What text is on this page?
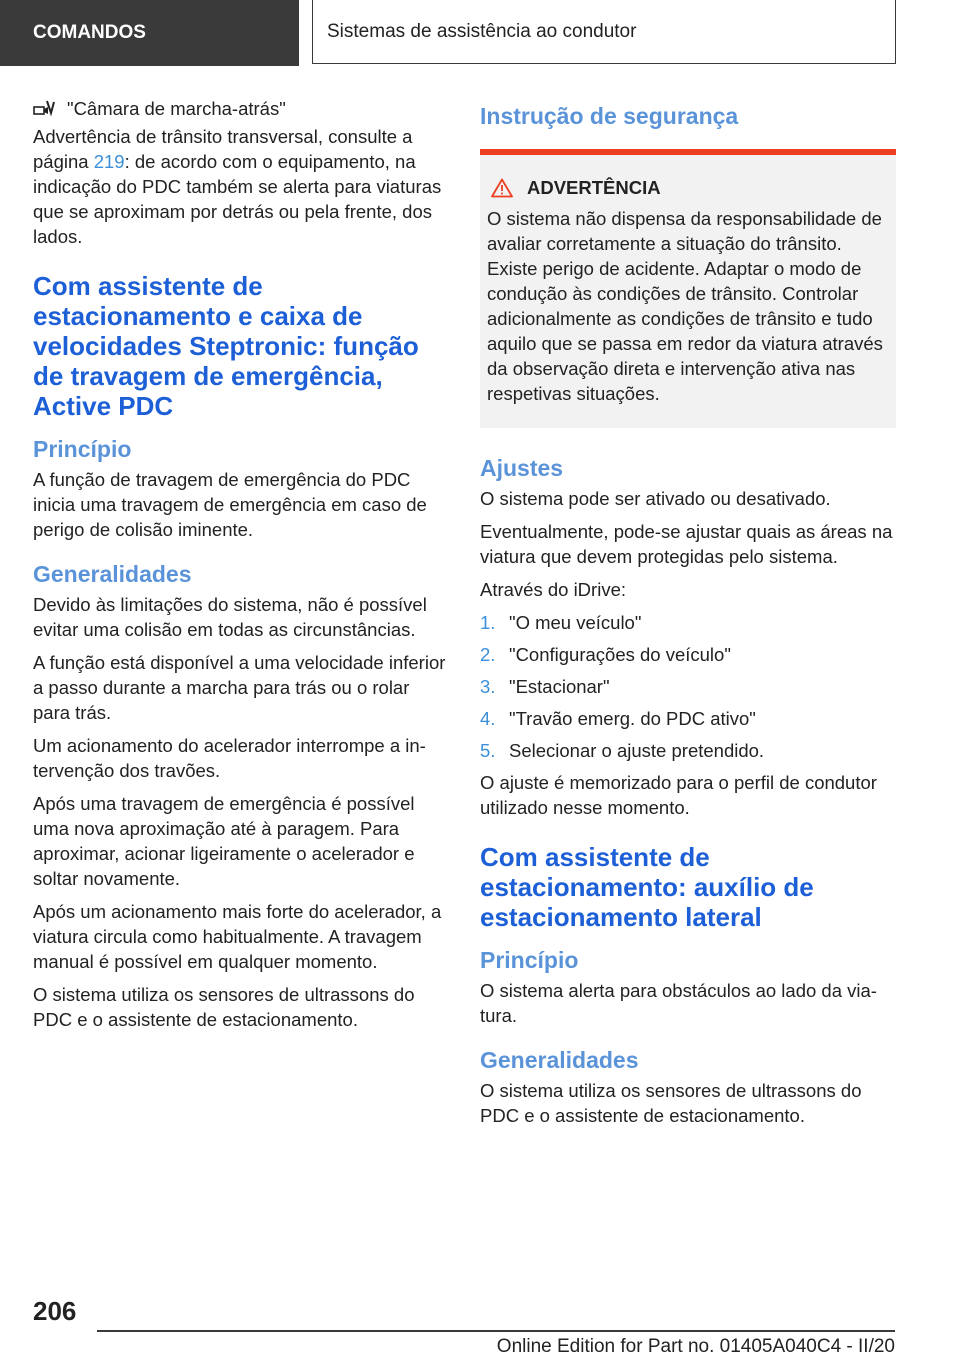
COMANDOS	Sistemas de assistência ao condutor
"Câmara de marcha-atrás"

Advertência de trânsito transversal, consulte a página 219: de acordo com o equipamento, na indicação do PDC também se alerta para viaturas que se aproximam por detrás ou pela frente, dos lados.

Com assistente de estacionamento e caixa de velocidades Steptronic: função de travagem de emergência, Active PDC
Princípio

A função de travagem de emergência do PDC inicia uma travagem de emergência em caso de perigo de colisão iminente.

Generalidades

Devido às limitações do sistema, não é possível evitar uma colisão em todas as circunstâncias.

A função está disponível a uma velocidade inferior a passo durante a marcha para trás ou o rolar para trás.

Um acionamento do acelerador interrompe a intervenção dos travões.

Após uma travagem de emergência é possível uma nova aproximação até à paragem. Para aproximar, acionar ligeiramente o acelerador e soltar novamente.

Após um acionamento mais forte do acelerador, a viatura circula como habitualmente. A travagem manual é possível em qualquer momento.

O sistema utiliza os sensores de ultrassons do PDC e o assistente de estacionamento.

Instrução de segurança
ADVERTÊNCIA

O sistema não dispensa da responsabilidade de avaliar corretamente a situação do trânsito. Existe perigo de acidente. Adaptar o modo de condução às condições de trânsito. Controlar adicionalmente as condições de trânsito e tudo aquilo que se passa em redor da viatura através da observação direta e intervenção ativa nas respetivas situações.

Ajustes

O sistema pode ser ativado ou desativado.

Eventualmente, pode-se ajustar quais as áreas na viatura que devem protegidas pelo sistema.

Através do iDrive:

1. "O meu veículo"
2. "Configurações do veículo"
3. "Estacionar"
4. "Travão emerg. do PDC ativo"
5. Selecionar o ajuste pretendido.

O ajuste é memorizado para o perfil de condutor utilizado nesse momento.

Com assistente de estacionamento: auxílio de estacionamento lateral
Princípio

O sistema alerta para obstáculos ao lado da viatura.

Generalidades

O sistema utiliza os sensores de ultrassons do PDC e o assistente de estacionamento.

206
Online Edition for Part no. 01405A040C4 - II/20
